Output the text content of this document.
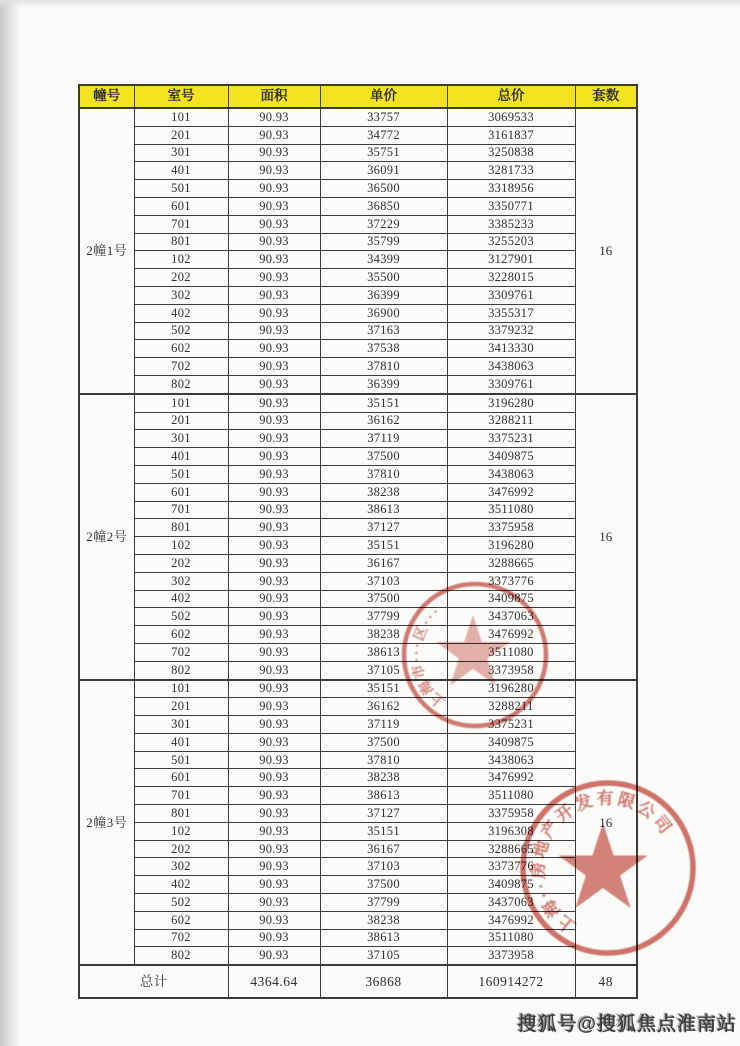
幢号	室号	面积	单价	总价	套数
2幢1号	101	90.93	33757	3069533	16
	201	90.93	34772	3161837	
	301	90.93	35751	3250838	
	401	90.93	36091	3281733	
	501	90.93	36500	3318956	
	601	90.93	36850	3350771	
	701	90.93	37229	3385233	
	801	90.93	35799	3255203	
	102	90.93	34399	3127901	
	202	90.93	35500	3228015	
	302	90.93	36399	3309761	
	402	90.93	36900	3355317	
	502	90.93	37163	3379232	
	602	90.93	37538	3413330	
	702	90.93	37810	3438063	
	802	90.93	36399	3309761	
2幢2号	101	90.93	35151	3196280	16
	201	90.93	36162	3288211	
	301	90.93	37119	3375231	
	401	90.93	37500	3409875	
	501	90.93	37810	3438063	
	601	90.93	38238	3476992	
	701	90.93	38613	3511080	
	801	90.93	37127	3375958	
	102	90.93	35151	3196280	
	202	90.93	36167	3288665	
	302	90.93	37103	3373776	
	402	90.93	37500	3409875	
	502	90.93	37799	3437063	
	602	90.93	38238	3476992	
	702	90.93	38613	3511080	
	802	90.93	37105	3373958	
2幢3号	101	90.93	35151	3196280	16
	201	90.93	36162	3288211	
	301	90.93	37119	3375231	
	401	90.93	37500	3409875	
	501	90.93	37810	3438063	
	601	90.93	38238	3476992	
	701	90.93	38613	3511080	
	801	90.93	37127	3375958	
	102	90.93	35151	3196308	
	202	90.93	36167	3288665	
	302	90.93	37103	3373776	
	402	90.93	37500	3409875	
	502	90.93	37799	3437063	
	602	90.93	38238	3476992	
	702	90.93	38613	3511080	
	802	90.93	37105	3373958	
总计		4364.64	36868	160914272	48
上海市···区···
上海··房地产开发有限公司
搜狐号@搜狐焦点淮南站
